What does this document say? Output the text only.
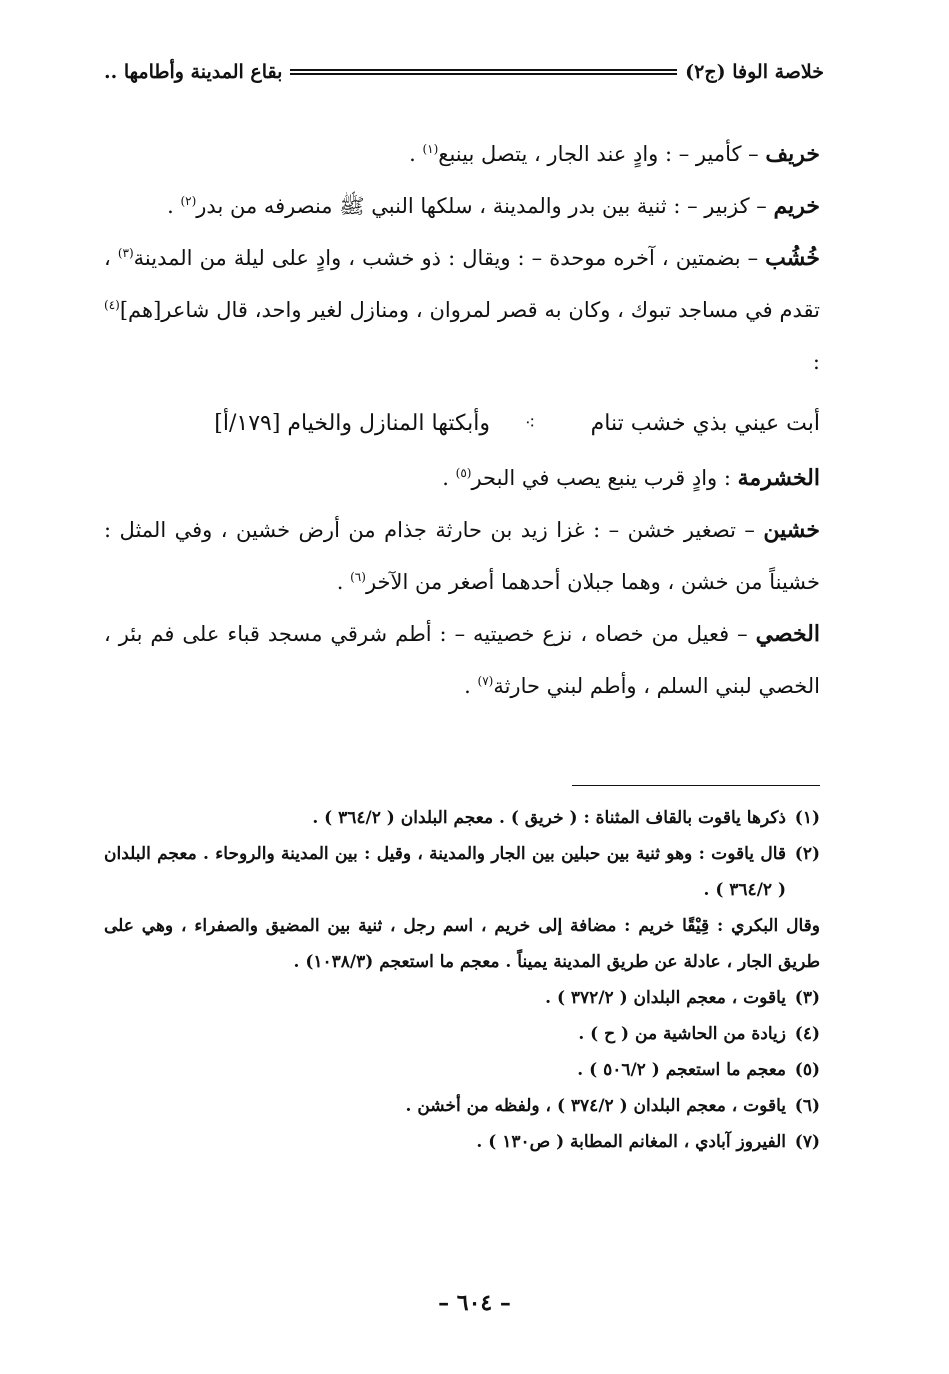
خلاصة الوفا (ج٢)
بقاع المدينة وأطامها ..

خريف – كأمير – : وادٍ عند الجار ، يتصل بينبع$^{(١)}$ .

خريم – كزبير – : ثنية بين بدر والمدينة ، سلكها النبي ﷺ منصرفه من بدر$^{(٢)}$ .

خُشُب – بضمتين ، آخره موحدة – : ويقال : ذو خشب ، وادٍ على ليلة من المدينة$^{(٣)}$ ، تقدم في مساجد تبوك ، وكان به قصر لمروان ، ومنازل لغير واحد، قال شاعر[هم]$^{(٤)}$ :

أبت عيني بذي خشب تنام
⁖
وأبكتها المنازل والخيام [١٧٩/أ]

الخشرمة : وادٍ قرب ينبع يصب في البحر$^{(٥)}$ .

خشين – تصغير خشن – : غزا زيد بن حارثة جذام من أرض خشين ، وفي المثل : خشيناً من خشن ، وهما جبلان أحدهما أصغر من الآخر$^{(٦)}$ .

الخصي – فعيل من خصاه ، نزع خصيتيه – : أطم شرقي مسجد قباء على فم بئر ، الخصي لبني السلم ، وأطم لبني حارثة$^{(٧)}$ .

(١)
ذكرها ياقوت بالقاف المثناة : ( خريق ) . معجم البلدان ( ٣٦٤/٢ ) .
(٢)
قال ياقوت : وهو ثنية بين حبلين بين الجار والمدينة ، وقيل : بين المدينة والروحاء . معجم البلدان ( ٣٦٤/٢ ) .
وقال البكري : قِيْقًا خريم : مضافة إلى خريم ، اسم رجل ، ثنية بين المضيق والصفراء ، وهي على طريق الجار ، عادلة عن طريق المدينة يميناً . معجم ما استعجم (١٠٣٨/٣) .
(٣)
ياقوت ، معجم البلدان ( ٣٧٢/٢ ) .
(٤)
زيادة من الحاشية من ( ح ) .
(٥)
معجم ما استعجم ( ٥٠٦/٢ ) .
(٦)
ياقوت ، معجم البلدان ( ٣٧٤/٢ ) ، ولفظه من أخشن .
(٧)
الفيروز آبادي ، المغانم المطابة ( ص١٣٠ ) .
– ٦٠٤ –
